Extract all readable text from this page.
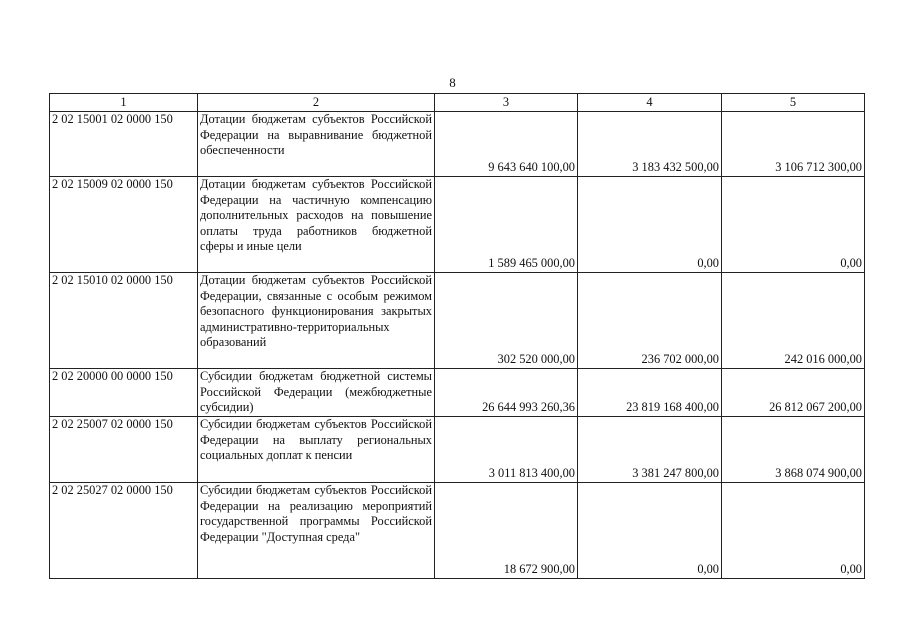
8
1	2	3	4	5
2 02 15001 02 0000 150	Дотации бюджетам субъектов Российской Федерации на выравнивание бюджетной обеспеченности	9 643 640 100,00	3 183 432 500,00	3 106 712 300,00
2 02 15009 02 0000 150	Дотации бюджетам субъектов Российской Федерации на частичную компенсацию дополнительных расходов на повышение оплаты труда работников бюджетной сферы и иные цели	1 589 465 000,00	0,00	0,00
2 02 15010 02 0000 150	Дотации бюджетам субъектов Российской Федерации, связанные с особым режимом безопасного функционирования закрытых административно-территориальных образований	302 520 000,00	236 702 000,00	242 016 000,00
2 02 20000 00 0000 150	Субсидии бюджетам бюджетной системы Российской Федерации (межбюджетные субсидии)	26 644 993 260,36	23 819 168 400,00	26 812 067 200,00
2 02 25007 02 0000 150	Субсидии бюджетам субъектов Российской Федерации на выплату региональных социальных доплат к пенсии	3 011 813 400,00	3 381 247 800,00	3 868 074 900,00
2 02 25027 02 0000 150	Субсидии бюджетам субъектов Российской Федерации на реализацию мероприятий государственной программы Российской Федерации "Доступная среда"	18 672 900,00	0,00	0,00
